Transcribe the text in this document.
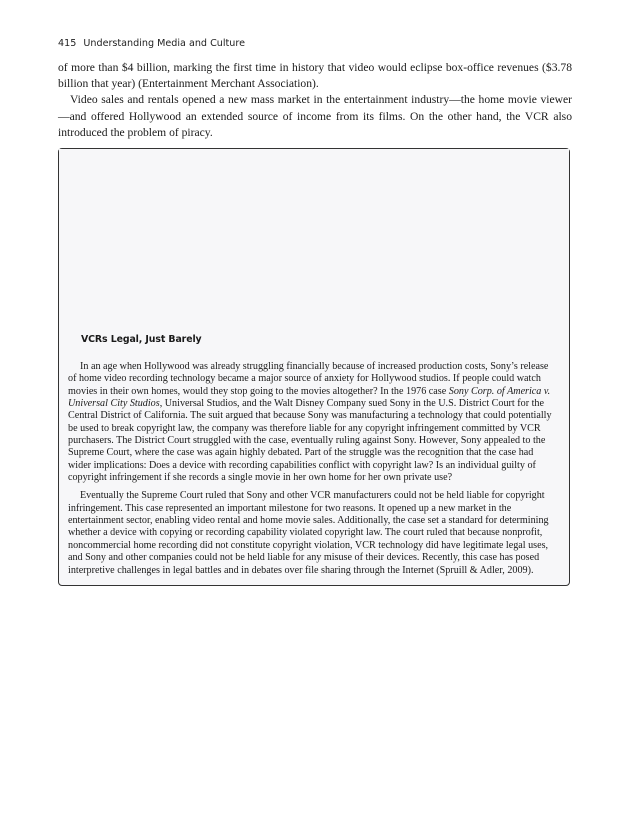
415 Understanding Media and Culture

of more than $4 billion, marking the first time in history that video would eclipse box-office revenues ($3.78 billion that year) (Entertainment Merchant Association).

Video sales and rentals opened a new mass market in the entertainment industry—the home movie viewer—and offered Hollywood an extended source of income from its films. On the other hand, the VCR also introduced the problem of piracy.

VCRs Legal, Just Barely

In an age when Hollywood was already struggling financially because of increased production costs, Sony’s release of home video recording technology became a major source of anxiety for Hollywood studios. If people could watch movies in their own homes, would they stop going to the movies altogether? In the 1976 case Sony Corp. of America v. Universal City Studios, Universal Studios, and the Walt Disney Company sued Sony in the U.S. District Court for the Central District of California. The suit argued that because Sony was manufacturing a technology that could potentially be used to break copyright law, the company was therefore liable for any copyright infringement committed by VCR purchasers. The District Court struggled with the case, eventually ruling against Sony. However, Sony appealed to the Supreme Court, where the case was again highly debated. Part of the struggle was the recognition that the case had wider implications: Does a device with recording capabilities conflict with copyright law? Is an individual guilty of copyright infringement if she records a single movie in her own home for her own private use?

Eventually the Supreme Court ruled that Sony and other VCR manufacturers could not be held liable for copyright infringement. This case represented an important milestone for two reasons. It opened up a new market in the entertainment sector, enabling video rental and home movie sales. Additionally, the case set a standard for determining whether a device with copying or recording capability violated copyright law. The court ruled that because nonprofit, noncommercial home recording did not constitute copyright violation, VCR technology did have legitimate legal uses, and Sony and other companies could not be held liable for any misuse of their devices. Recently, this case has posed interpretive challenges in legal battles and in debates over file sharing through the Internet (Spruill & Adler, 2009).
